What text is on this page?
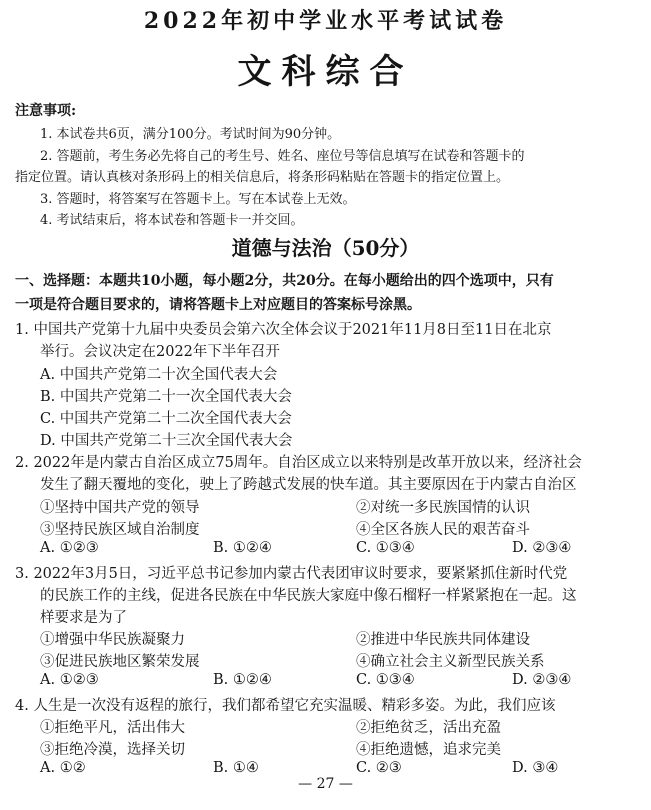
2022年初中学业水平考试试卷
文科综合
注意事项:
1. 本试卷共6页，满分100分。考试时间为90分钟。
2. 答题前，考生务必先将自己的考生号、姓名、座位号等信息填写在试卷和答题卡的
指定位置。请认真核对条形码上的相关信息后，将条形码粘贴在答题卡的指定位置上。
3. 答题时，将答案写在答题卡上。写在本试卷上无效。
4. 考试结束后，将本试卷和答题卡一并交回。
道德与法治（50分）
一、选择题：本题共10小题，每小题2分，共20分。在每小题给出的四个选项中，只有
一项是符合题目要求的，请将答题卡上对应题目的答案标号涂黑。
1. 中国共产党第十九届中央委员会第六次全体会议于2021年11月8日至11日在北京
举行。会议决定在2022年下半年召开
A. 中国共产党第二十次全国代表大会
B. 中国共产党第二十一次全国代表大会
C. 中国共产党第二十二次全国代表大会
D. 中国共产党第二十三次全国代表大会
2. 2022年是内蒙古自治区成立75周年。自治区成立以来特别是改革开放以来，经济社会
发生了翻天覆地的变化，驶上了跨越式发展的快车道。其主要原因在于内蒙古自治区
①坚持中国共产党的领导	②对统一多民族国情的认识
③坚持民族区域自治制度	④全区各族人民的艰苦奋斗
A. ①②③	B. ①②④	C. ①③④	D. ②③④
3. 2022年3月5日，习近平总书记参加内蒙古代表团审议时要求，要紧紧抓住新时代党
的民族工作的主线，促进各民族在中华民族大家庭中像石榴籽一样紧紧抱在一起。这
样要求是为了
①增强中华民族凝聚力	②推进中华民族共同体建设
③促进民族地区繁荣发展	④确立社会主义新型民族关系
A. ①②③	B. ①②④	C. ①③④	D. ②③④
4. 人生是一次没有返程的旅行，我们都希望它充实温暖、精彩多姿。为此，我们应该
①拒绝平凡，活出伟大	②拒绝贫乏，活出充盈
③拒绝冷漠，选择关切	④拒绝遗憾，追求完美
A. ①②	B. ①④	C. ②③	D. ③④
— 27 —
